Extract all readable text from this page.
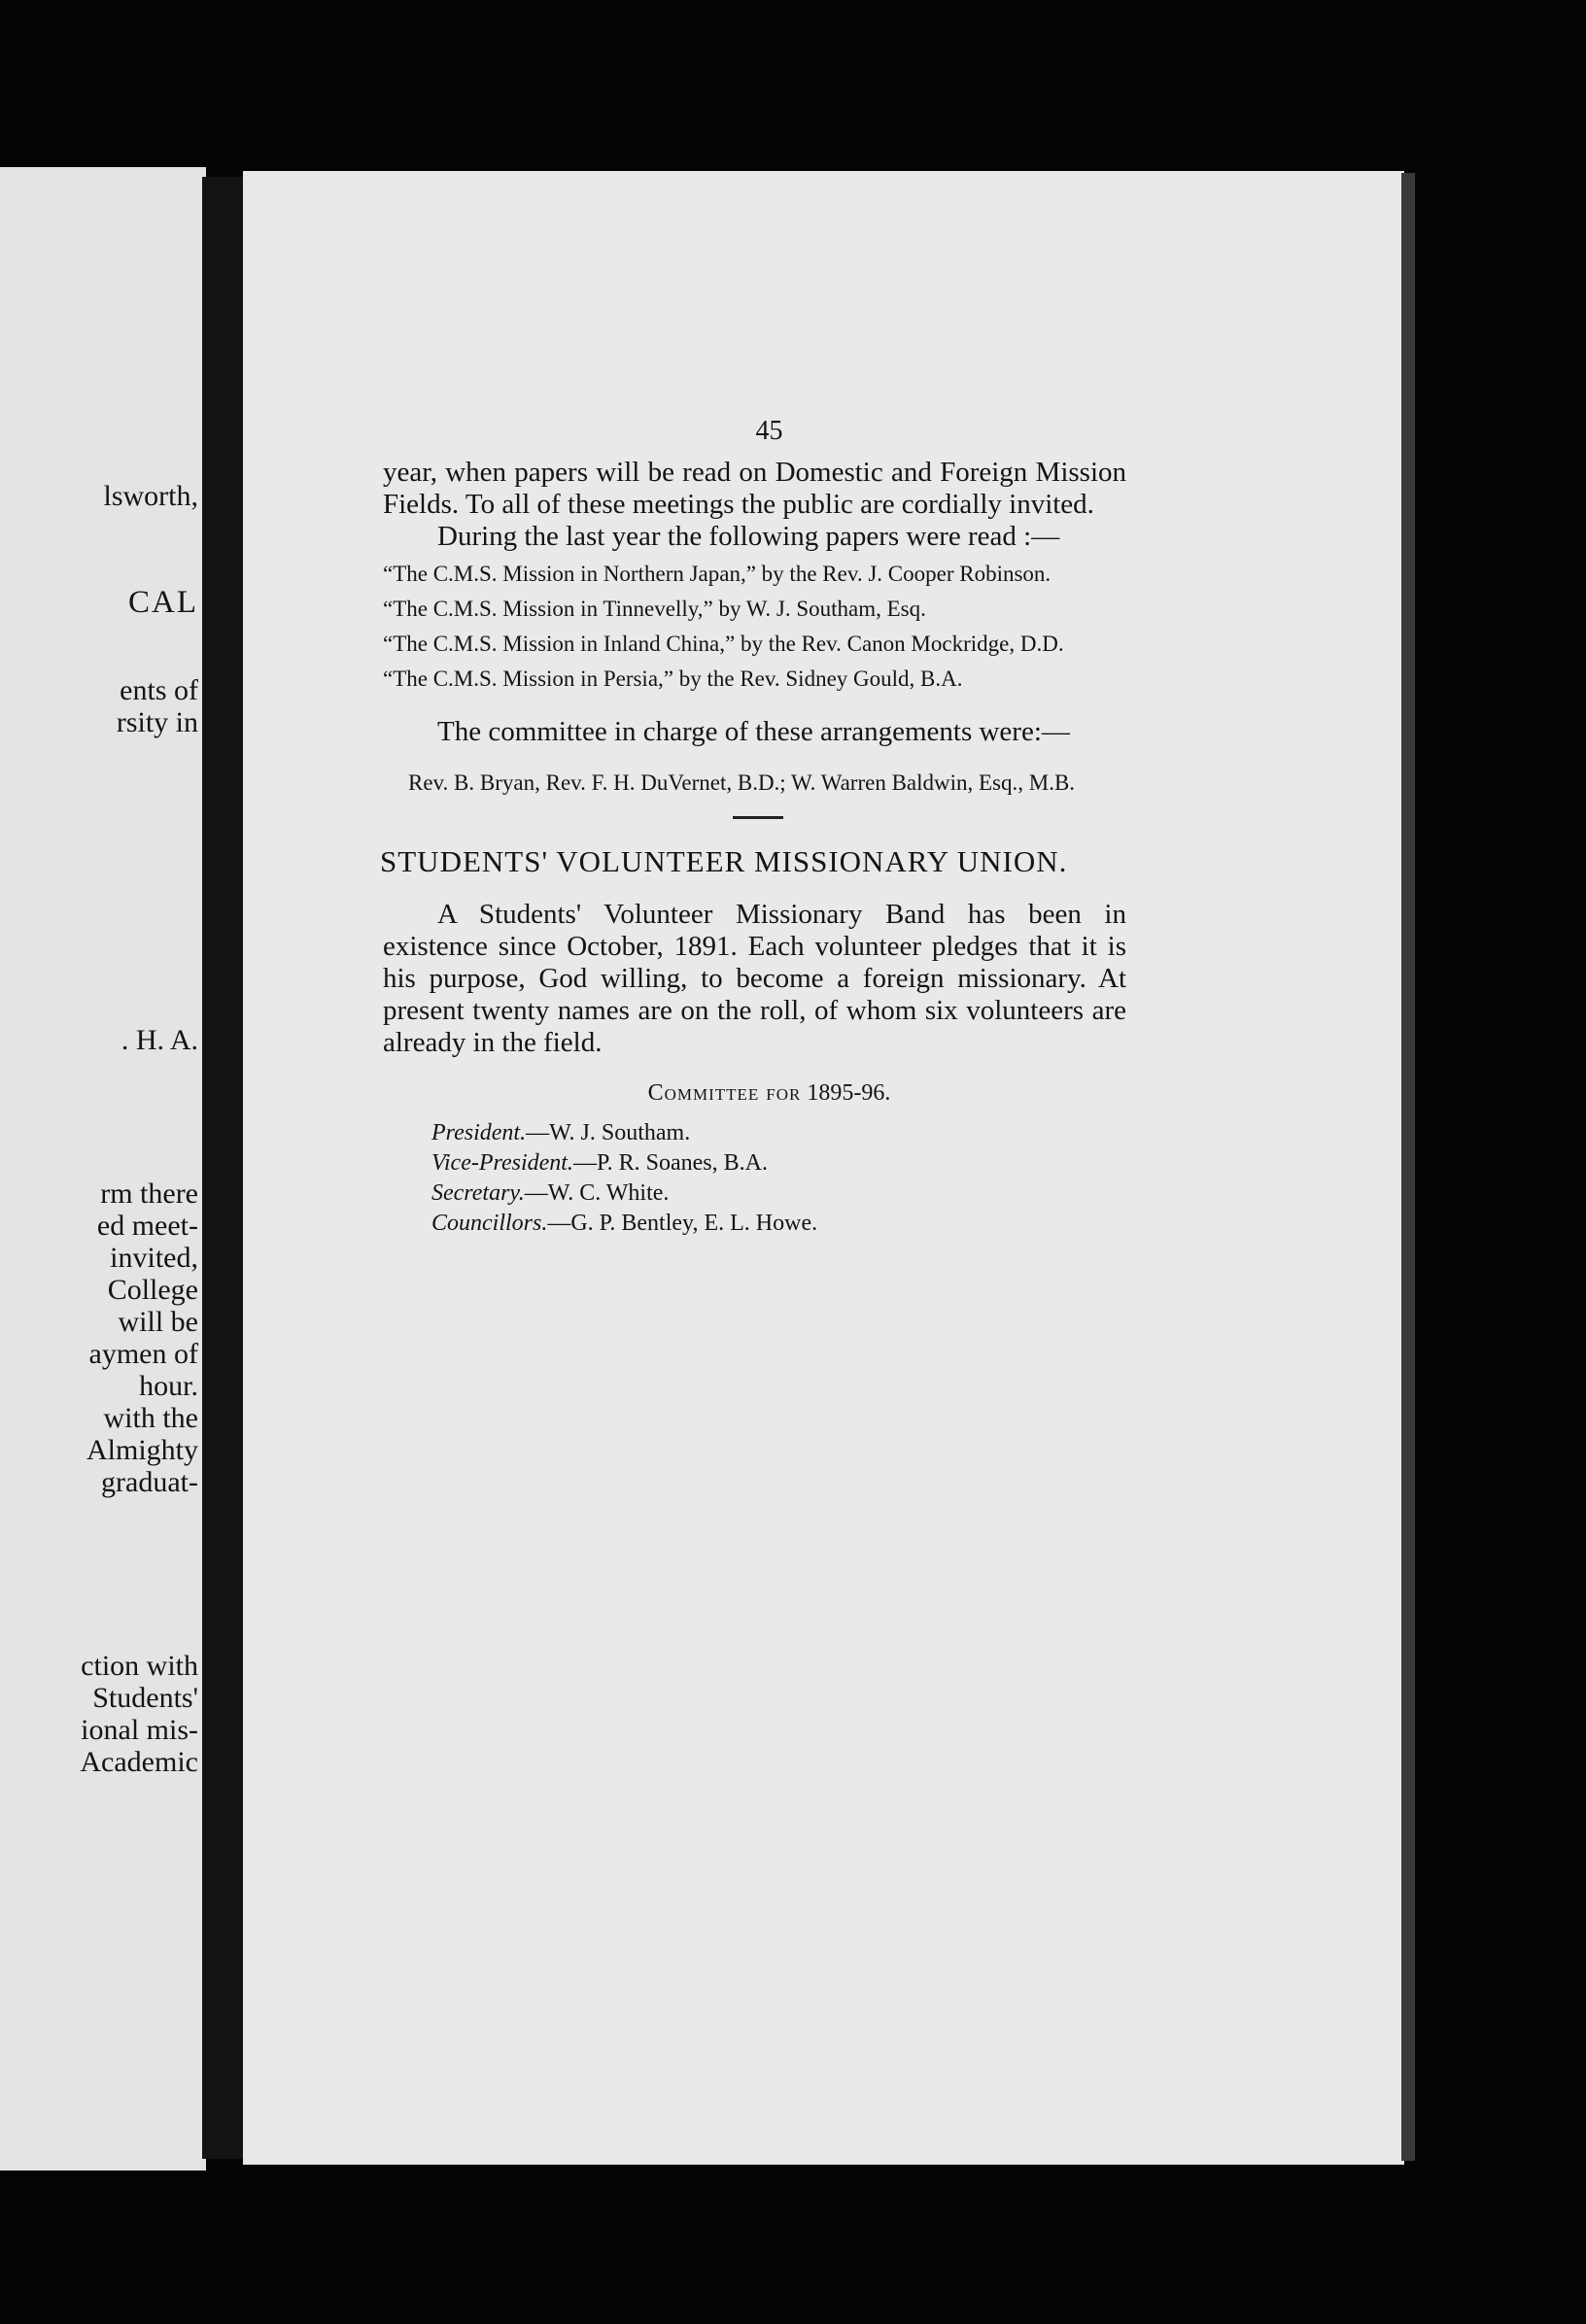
lsworth,
CAL
ents of
rsity in
. H. A.
rm there
ed meet-
invited,
College
will be
aymen of
hour.
with the
Almighty
graduat-
ction with
Students'
ional mis-
Academic
45

year, when papers will be read on Domestic and Foreign Mission Fields. To all of these meetings the public are cordially invited.

During the last year the following papers were read :—

“The C.M.S. Mission in Northern Japan,” by the Rev. J. Cooper Robinson.

“The C.M.S. Mission in Tinnevelly,” by W. J. Southam, Esq.

“The C.M.S. Mission in Inland China,” by the Rev. Canon Mockridge, D.D.

“The C.M.S. Mission in Persia,” by the Rev. Sidney Gould, B.A.

The committee in charge of these arrangements were:—

Rev. B. Bryan, Rev. F. H. DuVernet, B.D.; W. Warren Baldwin, Esq., M.B.

STUDENTS' VOLUNTEER MISSIONARY UNION.

A Students' Volunteer Missionary Band has been in existence since October, 1891. Each volunteer pledges that it is his purpose, God willing, to become a foreign missionary. At present twenty names are on the roll, of whom six volunteers are already in the field.

Committee for 1895-96.
President.—W. J. Southam.
Vice-President.—P. R. Soanes, B.A.
Secretary.—W. C. White.
Councillors.—G. P. Bentley, E. L. Howe.
